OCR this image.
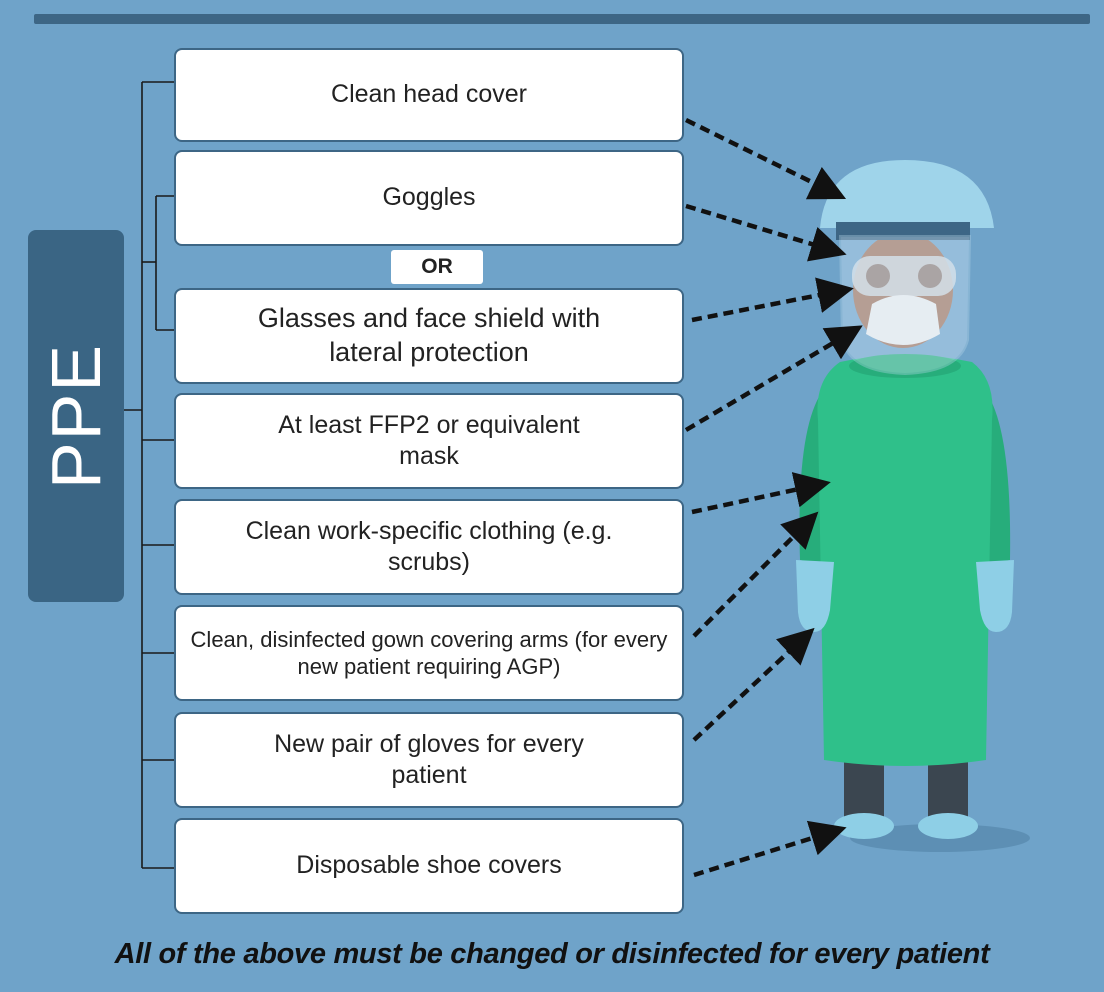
PPE
Clean head cover
Goggles
OR
Glasses and face shield with lateral protection
At least FFP2 or equivalent mask
Clean work-specific clothing (e.g. scrubs)
Clean, disinfected gown covering arms (for every new patient requiring AGP)
New pair of gloves for every patient
Disposable shoe covers
All of the above must be changed or disinfected for every patient
